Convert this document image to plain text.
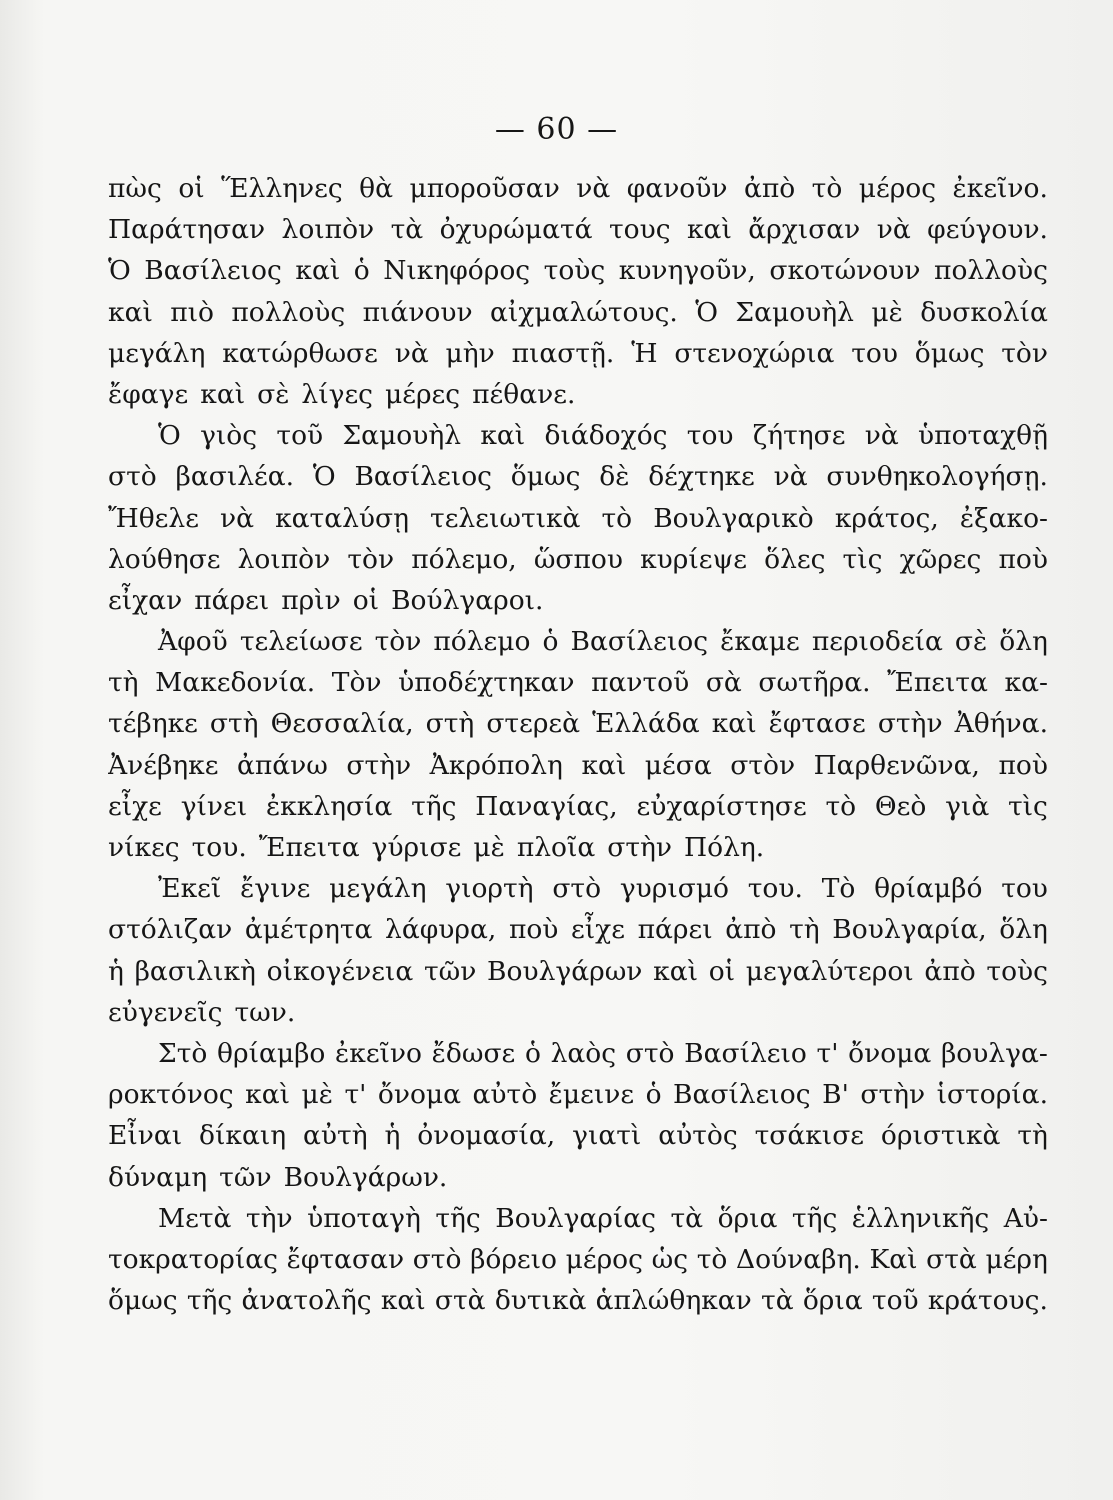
— 60 —
πὼς οἱ Ἕλληνες θὰ μποροῦσαν νὰ φανοῦν ἀπὸ τὸ μέρος ἐκεῖνο.
Παράτησαν λοιπὸν τὰ ὀχυρώματά τους καὶ ἄρχισαν νὰ φεύγουν.
Ὁ Βασίλειος καὶ ὁ Νικηφόρος τοὺς κυνηγοῦν, σκοτώνουν πολλοὺς
καὶ πιὸ πολλοὺς πιάνουν αἰχμαλώτους. Ὁ Σαμουὴλ μὲ δυσκολία
μεγάλη κατώρθωσε νὰ μὴν πιαστῇ. Ἡ στενοχώρια του ὅμως τὸν
ἔφαγε καὶ σὲ λίγες μέρες πέθανε.
Ὁ γιὸς τοῦ Σαμουὴλ καὶ διάδοχός του ζήτησε νὰ ὑποταχθῇ
στὸ βασιλέα. Ὁ Βασίλειος ὅμως δὲ δέχτηκε νὰ συνθηκολογήσῃ.
Ἤθελε νὰ καταλύσῃ τελειωτικὰ τὸ Βουλγαρικὸ κράτος, ἐξακο-
λούθησε λοιπὸν τὸν πόλεμο, ὥσπου κυρίεψε ὅλες τὶς χῶρες ποὺ
εἶχαν πάρει πρὶν οἱ Βούλγαροι.
Ἀφοῦ τελείωσε τὸν πόλεμο ὁ Βασίλειος ἔκαμε περιοδεία σὲ ὅλη
τὴ Μακεδονία. Τὸν ὑποδέχτηκαν παντοῦ σὰ σωτῆρα. Ἔπειτα κα-
τέβηκε στὴ Θεσσαλία, στὴ στερεὰ Ἑλλάδα καὶ ἔφτασε στὴν Ἀθήνα.
Ἀνέβηκε ἀπάνω στὴν Ἀκρόπολη καὶ μέσα στὸν Παρθενῶνα, ποὺ
εἶχε γίνει ἐκκλησία τῆς Παναγίας, εὐχαρίστησε τὸ Θεὸ γιὰ τὶς
νίκες του. Ἔπειτα γύρισε μὲ πλοῖα στὴν Πόλη.
Ἐκεῖ ἔγινε μεγάλη γιορτὴ στὸ γυρισμό του. Τὸ θρίαμβό του
στόλιζαν ἀμέτρητα λάφυρα, ποὺ εἶχε πάρει ἀπὸ τὴ Βουλγαρία, ὅλη
ἡ βασιλικὴ οἰκογένεια τῶν Βουλγάρων καὶ οἱ μεγαλύτεροι ἀπὸ τοὺς
εὐγενεῖς των.
Στὸ θρίαμβο ἐκεῖνο ἔδωσε ὁ λαὸς στὸ Βασίλειο τ' ὄνομα βουλγα-
ροκτόνος καὶ μὲ τ' ὄνομα αὐτὸ ἔμεινε ὁ Βασίλειος Β' στὴν ἱστορία.
Εἶναι δίκαιη αὐτὴ ἡ ὀνομασία, γιατὶ αὐτὸς τσάκισε όριστικὰ τὴ
δύναμη τῶν Βουλγάρων.
Μετὰ τὴν ὑποταγὴ τῆς Βουλγαρίας τὰ ὅρια τῆς ἑλληνικῆς Αὐ-
τοκρατορίας ἔφτασαν στὸ βόρειο μέρος ὡς τὸ Δούναβη. Καὶ στὰ μέρη
ὅμως τῆς ἀνατολῆς καὶ στὰ δυτικὰ ἁπλώθηκαν τὰ ὅρια τοῦ κράτους.
